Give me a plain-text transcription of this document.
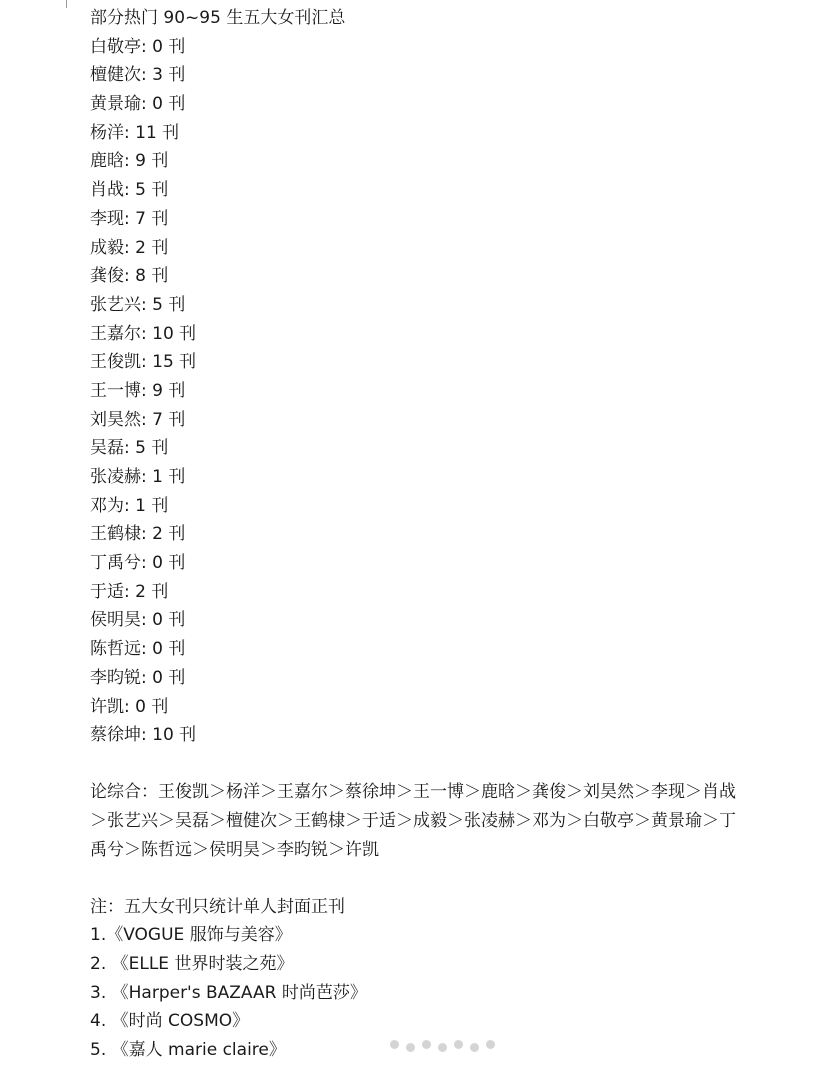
部分热门 90~95 生五大女刊汇总
白敬亭: 0 刊
檀健次: 3 刊
黄景瑜: 0 刊
杨洋: 11 刊
鹿晗: 9 刊
肖战: 5 刊
李现: 7 刊
成毅: 2 刊
龚俊: 8 刊
张艺兴: 5 刊
王嘉尔: 10 刊
王俊凯: 15 刊
王一博: 9 刊
刘昊然: 7 刊
吴磊: 5 刊
张凌赫: 1 刊
邓为: 1 刊
王鹤棣: 2 刊
丁禹兮: 0 刊
于适: 2 刊
侯明昊: 0 刊
陈哲远: 0 刊
李昀锐: 0 刊
许凯: 0 刊
蔡徐坤: 10 刊
论综合：王俊凯＞杨洋＞王嘉尔＞蔡徐坤＞王一博＞鹿晗＞龚俊＞刘昊然＞李现＞肖战＞张艺兴＞吴磊＞檀健次＞王鹤棣＞于适＞成毅＞张凌赫＞邓为＞白敬亭＞黄景瑜＞丁禹兮＞陈哲远＞侯明昊＞李昀锐＞许凯
注：五大女刊只统计单人封面正刊
1.《VOGUE 服饰与美容》
2. 《ELLE 世界时装之苑》
3. 《Harper's BAZAAR 时尚芭莎》
4. 《时尚 COSMO》
5. 《嘉人 marie claire》
